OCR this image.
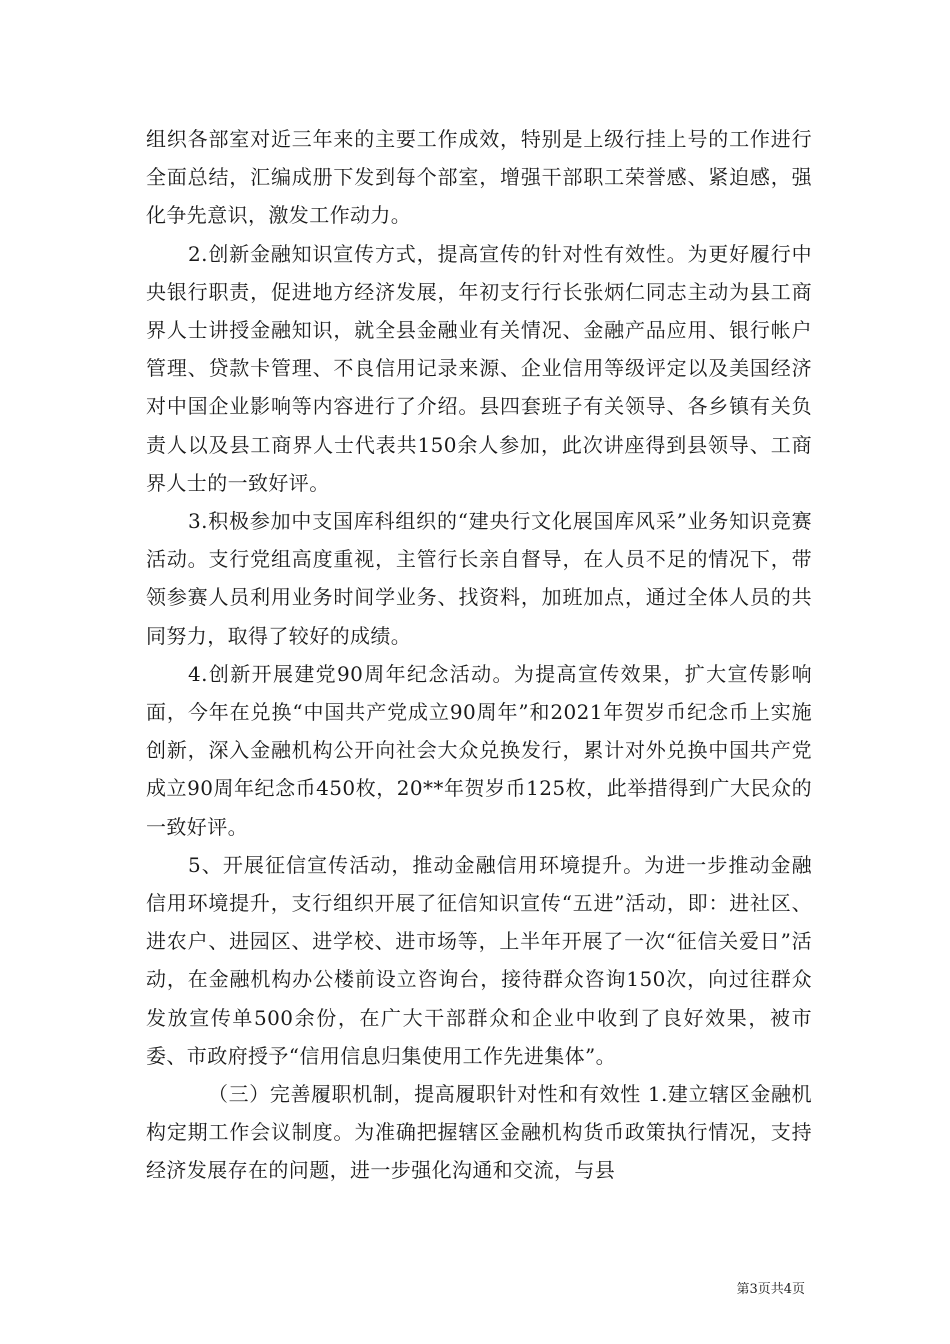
组织各部室对近三年来的主要工作成效，特别是上级行挂上号的工作进行全面总结，汇编成册下发到每个部室，增强干部职工荣誉感、紧迫感，强化争先意识，激发工作动力。

2.创新金融知识宣传方式，提高宣传的针对性有效性。为更好履行中央银行职责，促进地方经济发展，年初支行行长张炳仁同志主动为县工商界人士讲授金融知识，就全县金融业有关情况、金融产品应用、银行帐户管理、贷款卡管理、不良信用记录来源、企业信用等级评定以及美国经济对中国企业影响等内容进行了介绍。县四套班子有关领导、各乡镇有关负责人以及县工商界人士代表共150余人参加，此次讲座得到县领导、工商界人士的一致好评。

3.积极参加中支国库科组织的“建央行文化展国库风采”业务知识竞赛活动。支行党组高度重视，主管行长亲自督导，在人员不足的情况下，带领参赛人员利用业务时间学业务、找资料，加班加点，通过全体人员的共同努力，取得了较好的成绩。

4.创新开展建党90周年纪念活动。为提高宣传效果，扩大宣传影响面，今年在兑换“中国共产党成立90周年”和2021年贺岁币纪念币上实施创新，深入金融机构公开向社会大众兑换发行，累计对外兑换中国共产党成立90周年纪念币450枚，20**年贺岁币125枚，此举措得到广大民众的一致好评。

5、开展征信宣传活动，推动金融信用环境提升。为进一步推动金融信用环境提升，支行组织开展了征信知识宣传“五进”活动，即：进社区、进农户、进园区、进学校、进市场等，上半年开展了一次“征信关爱日”活动，在金融机构办公楼前设立咨询台，接待群众咨询150次，向过往群众发放宣传单500余份，在广大干部群众和企业中收到了良好效果，被市委、市政府授予“信用信息归集使用工作先进集体”。

（三）完善履职机制，提高履职针对性和有效性 1.建立辖区金融机构定期工作会议制度。为准确把握辖区金融机构货币政策执行情况，支持经济发展存在的问题，进一步强化沟通和交流，与县

第3页共4页
